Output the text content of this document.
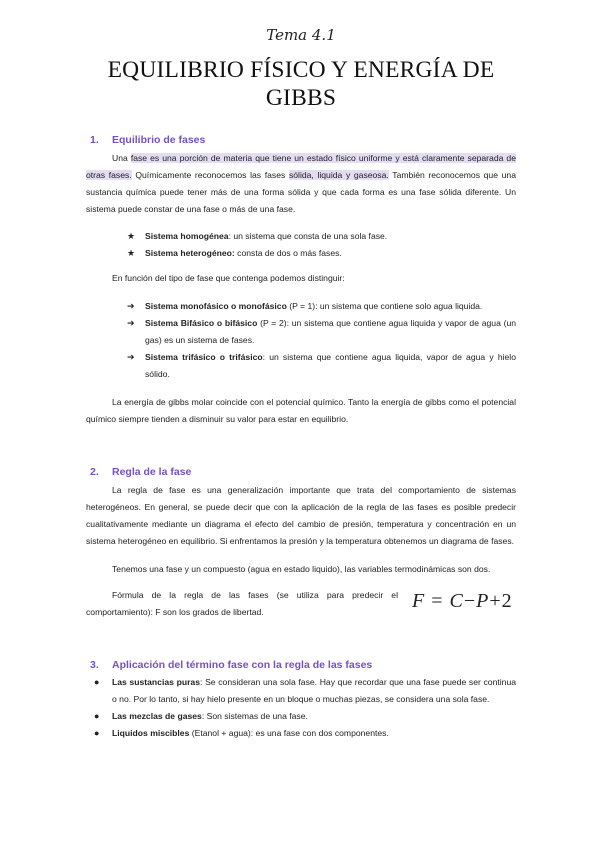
Tema 4.1
EQUILIBRIO FÍSICO Y ENERGÍA DE GIBBS
1. Equilibrio de fases
Una fase es una porción de materia que tiene un estado físico uniforme y está claramente separada de otras fases. Químicamente reconocemos las fases sólida, liquida y gaseosa. También reconocemos que una sustancia química puede tener más de una forma sólida y que cada forma es una fase sólida diferente. Un sistema puede constar de una fase o más de una fase.
★ Sistema homogénea: un sistema que consta de una sola fase.
★ Sistema heterogéneo: consta de dos o más fases.
En función del tipo de fase que contenga podemos distinguir:
➔ Sistema monofásico o monofásico (P = 1): un sistema que contiene solo agua liquida.
➔ Sistema Bifásico o bifásico (P = 2): un sistema que contiene agua liquida y vapor de agua (un gas) es un sistema de fases.
➔ Sistema trifásico o trifásico: un sistema que contiene agua liquida, vapor de agua y hielo sólido.
La energía de gibbs molar coincide con el potencial químico. Tanto la energía de gibbs como el potencial químico siempre tienden a disminuir su valor para estar en equilibrio.
2. Regla de la fase
La regla de fase es una generalización importante que trata del comportamiento de sistemas heterogéneos. En general, se puede decir que con la aplicación de la regla de las fases es posible predecir cualitativamente mediante un diagrama el efecto del cambio de presión, temperatura y concentración en un sistema heterogéneo en equilibrio. Si enfrentamos la presión y la temperatura obtenemos un diagrama de fases.
Tenemos una fase y un compuesto (agua en estado liquido), las variables termodinámicas son dos.
Fórmula de la regla de las fases (se utiliza para predecir el comportamiento): F son los grados de libertad.	F = C−P+2
3. Aplicación del término fase con la regla de las fases
● Las sustancias puras: Se consideran una sola fase. Hay que recordar que una fase puede ser continua o no. Por lo tanto, si hay hielo presente en un bloque o muchas piezas, se considera una sola fase.
● Las mezclas de gases: Son sistemas de una fase.
● Liquidos miscibles (Etanol + agua): es una fase con dos componentes.
